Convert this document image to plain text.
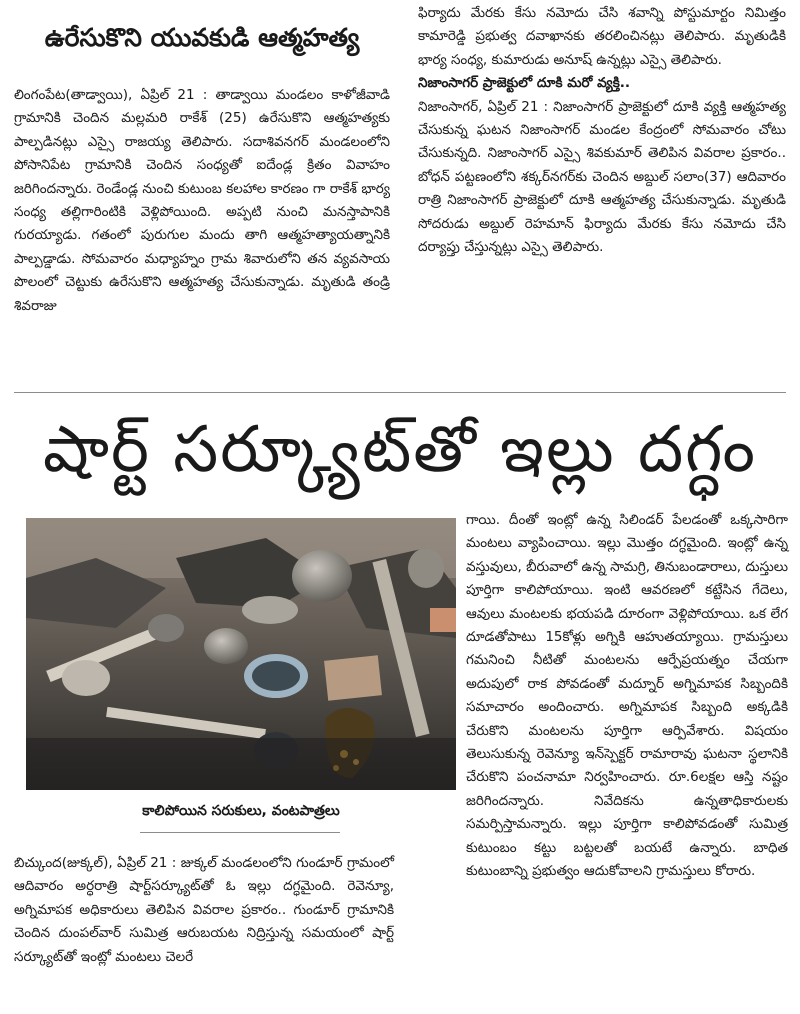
ఉరేసుకొని యువకుడి ఆత్మహత్య

లింగంపేట(తాడ్వాయి), ఏప్రిల్ 21 : తాడ్వాయి మండలం కాళోజీవాడి గ్రామానికి చెందిన మల్లమరి రాకేశ్ (25) ఉరేసుకొని ఆత్మహత్యకు పాల్పడినట్లు ఎస్సై రాజయ్య తెలిపారు. సదాశివనగర్ మండలంలోని పోసానిపేట గ్రామానికి చెందిన సంధ్యతో ఐదేండ్ల క్రితం వివాహం జరిగిందన్నారు. రెండేండ్ల నుంచి కుటుంబ కలహాల కారణం గా రాకేశ్ భార్య సంధ్య తల్లిగారింటికి వెళ్లిపోయింది. అప్పటి నుంచి మనస్తాపానికి గురయ్యాడు. గతంలో పురుగుల మందు తాగి ఆత్మహత్యాయత్నానికి పాల్పడ్డాడు. సోమవారం మధ్యాహ్నం గ్రామ శివారులోని తన వ్యవసాయ పొలంలో చెట్టుకు ఉరేసుకొని ఆత్మహత్య చేసుకున్నాడు. మృతుడి తండ్రి శివరాజు

ఫిర్యాదు మేరకు కేసు నమోదు చేసి శవాన్ని పోస్టుమార్టం నిమిత్తం కామారెడ్డి ప్రభుత్వ దవాఖానకు తరలించినట్లు తెలిపారు. మృతుడికి భార్య సంధ్య, కుమారుడు అనూష్ ఉన్నట్లు ఎస్సై తెలిపారు.

నిజాంసాగర్ ప్రాజెక్టులో దూకి మరో వ్యక్తి..

నిజాంసాగర్, ఏప్రిల్ 21 : నిజాంసాగర్ ప్రాజెక్టులో దూకి వ్యక్తి ఆత్మహత్య చేసుకున్న ఘటన నిజాంసాగర్ మండల కేంద్రంలో సోమవారం చోటు చేసుకున్నది. నిజాంసాగర్ ఎస్సై శివకుమార్ తెలిపిన వివరాల ప్రకారం.. బోధన్ పట్టణంలోని శక్కర్‌నగర్‌కు చెందిన అబ్దుల్ సలాం(37) ఆదివారం రాత్రి నిజాంసాగర్ ప్రాజెక్టులో దూకి ఆత్మహత్య చేసుకున్నాడు. మృతుడి సోదరుడు అబ్దుల్ రెహమాన్ ఫిర్యాదు మేరకు కేసు నమోదు చేసి దర్యాప్తు చేస్తున్నట్లు ఎస్సై తెలిపారు.

షార్ట్ సర్క్యూట్‌తో ఇల్లు దగ్ధం
కాలిపోయిన సరుకులు, వంటపాత్రలు

బిచ్కుంద(జుక్కల్), ఏప్రిల్ 21 : జుక్కల్ మండలంలోని గుండూర్ గ్రామంలో ఆదివారం అర్ధరాత్రి షార్ట్‌సర్క్యూట్‌తో ఓ ఇల్లు దగ్ధమైంది. రెవెన్యూ, అగ్నిమాపక అధికారులు తెలిపిన వివరాల ప్రకారం.. గుండూర్ గ్రామానికి చెందిన దుంపల్‌వార్ సుమిత్ర ఆరుబయట నిద్రిస్తున్న సమయంలో షార్ట్ సర్క్యూట్‌తో ఇంట్లో మంటలు చెలరే

గాయి. దీంతో ఇంట్లో ఉన్న సిలిండర్ పేలడంతో ఒక్కసారిగా మంటలు వ్యాపించాయి. ఇల్లు మొత్తం దగ్ధమైంది. ఇంట్లో ఉన్న వస్తువులు, బీరువాలో ఉన్న సామగ్రి, తినుబండారాలు, దుస్తులు పూర్తిగా కాలిపోయాయి. ఇంటి ఆవరణలో కట్టేసిన గేదెలు, ఆవులు మంటలకు భయపడి దూరంగా వెళ్లిపోయాయి. ఒక లేగ దూడతోపాటు 15కోళ్లు అగ్నికి ఆహుతయ్యాయి. గ్రామస్తులు గమనించి నీటితో మంటలను ఆర్పేప్రయత్నం చేయగా అదుపులో రాక పోవడంతో మద్నూర్ అగ్నిమాపక సిబ్బందికి సమాచారం అందించారు. అగ్నిమాపక సిబ్బంది అక్కడికి చేరుకొని మంటలను పూర్తిగా ఆర్పివేశారు. విషయం తెలుసుకున్న రెవెన్యూ ఇన్‌స్పెక్టర్ రామారావు ఘటనా స్థలానికి చేరుకొని పంచనామా నిర్వహించారు. రూ.6లక్షల ఆస్తి నష్టం జరిగిందన్నారు. నివేదికను ఉన్నతాధికారులకు సమర్పిస్తామన్నారు. ఇల్లు పూర్తిగా కాలిపోవడంతో సుమిత్ర కుటుంబం కట్టు బట్టలతో బయటే ఉన్నారు. బాధిత కుటుంబాన్ని ప్రభుత్వం ఆదుకోవాలని గ్రామస్తులు కోరారు.
